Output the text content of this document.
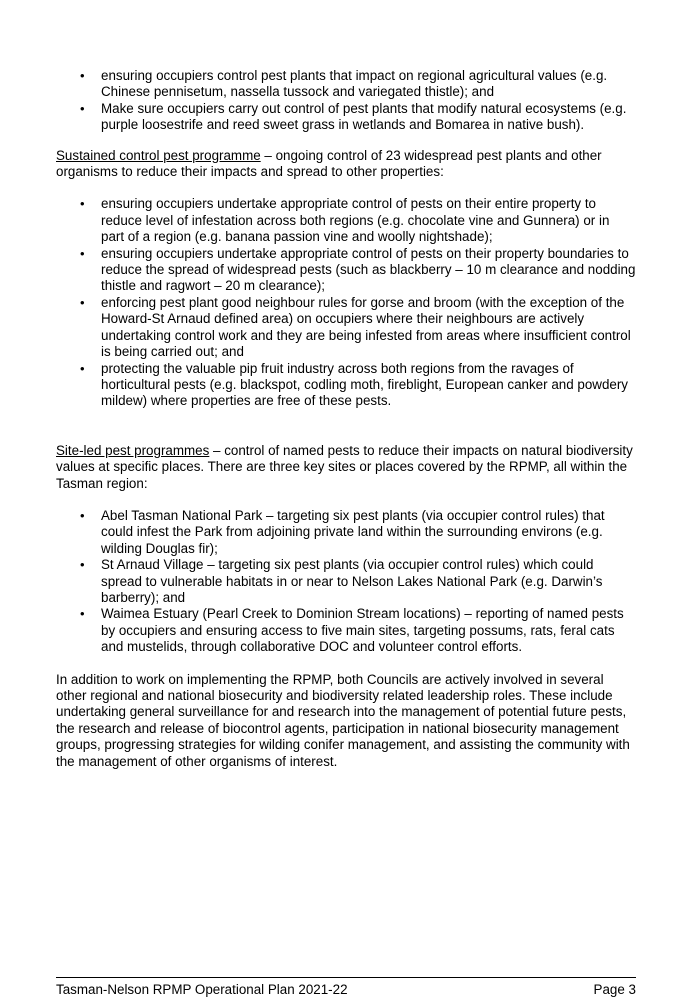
• ensuring occupiers control pest plants that impact on regional agricultural values (e.g. Chinese pennisetum, nassella tussock and variegated thistle); and
• Make sure occupiers carry out control of pest plants that modify natural ecosystems (e.g. purple loosestrife and reed sweet grass in wetlands and Bomarea in native bush).

Sustained control pest programme – ongoing control of 23 widespread pest plants and other organisms to reduce their impacts and spread to other properties:

• ensuring occupiers undertake appropriate control of pests on their entire property to reduce level of infestation across both regions (e.g. chocolate vine and Gunnera) or in part of a region (e.g. banana passion vine and woolly nightshade);
• ensuring occupiers undertake appropriate control of pests on their property boundaries to reduce the spread of widespread pests (such as blackberry – 10 m clearance and nodding thistle and ragwort – 20 m clearance);
• enforcing pest plant good neighbour rules for gorse and broom (with the exception of the Howard-St Arnaud defined area) on occupiers where their neighbours are actively undertaking control work and they are being infested from areas where insufficient control is being carried out; and
• protecting the valuable pip fruit industry across both regions from the ravages of horticultural pests (e.g. blackspot, codling moth, fireblight, European canker and powdery mildew) where properties are free of these pests.

Site-led pest programmes – control of named pests to reduce their impacts on natural biodiversity values at specific places. There are three key sites or places covered by the RPMP, all within the Tasman region:

• Abel Tasman National Park – targeting six pest plants (via occupier control rules) that could infest the Park from adjoining private land within the surrounding environs (e.g. wilding Douglas fir);
• St Arnaud Village – targeting six pest plants (via occupier control rules) which could spread to vulnerable habitats in or near to Nelson Lakes National Park (e.g. Darwin’s barberry); and
• Waimea Estuary (Pearl Creek to Dominion Stream locations) – reporting of named pests by occupiers and ensuring access to five main sites, targeting possums, rats, feral cats and mustelids, through collaborative DOC and volunteer control efforts.

In addition to work on implementing the RPMP, both Councils are actively involved in several other regional and national biosecurity and biodiversity related leadership roles. These include undertaking general surveillance for and research into the management of potential future pests, the research and release of biocontrol agents, participation in national biosecurity management groups, progressing strategies for wilding conifer management, and assisting the community with the management of other organisms of interest.

Tasman-Nelson RPMP Operational Plan 2021-22	Page 3
